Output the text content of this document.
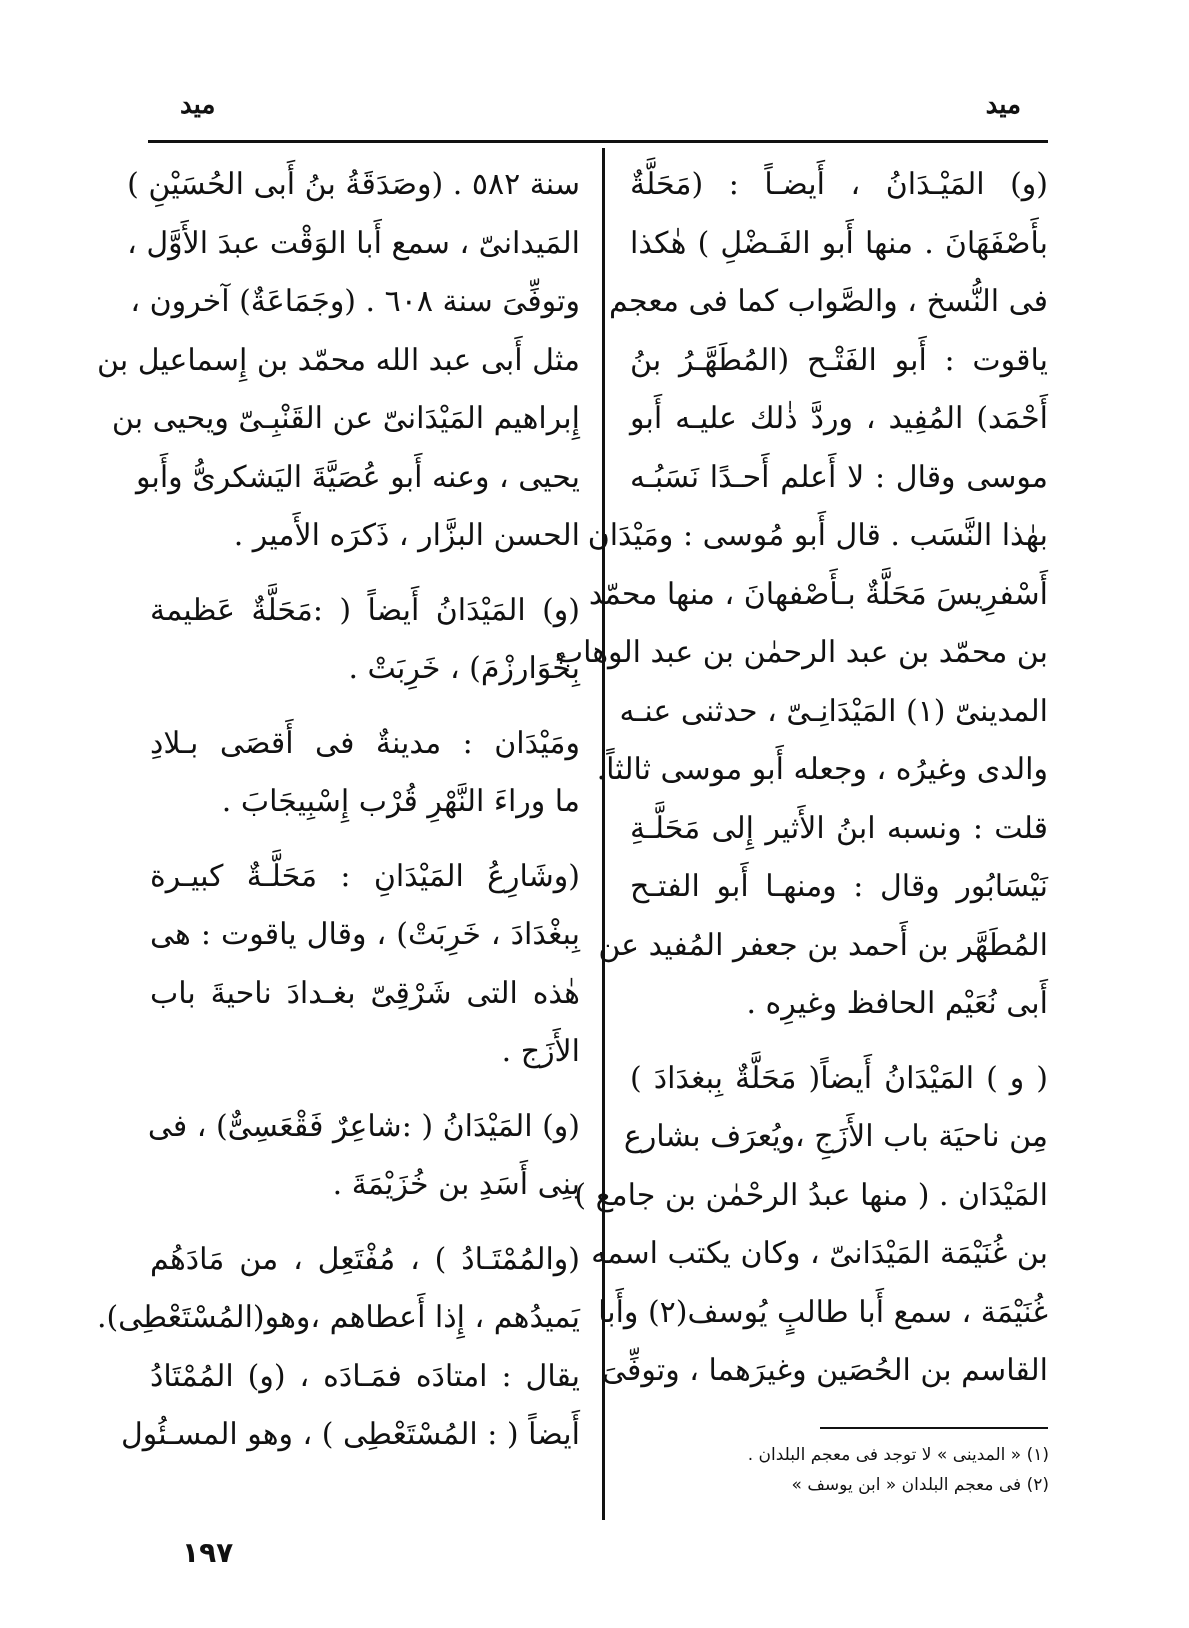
ميد
ميد
(و) المَيْـدَانُ ، أَيضـاً : (مَحَلَّةٌ
بأَصْفَهَانَ . منها أَبو الفَـضْلِ ) هٰكذا
فى النُّسخ ، والصَّواب كما فى معجم
ياقوت : أَبو الفَتْـح (المُطَهَّـرُ بنُ
أَحْمَد) المُفِيد ، وردَّ ذٰلك عليـه أَبو
موسى وقال : لا أَعلم أَحـدًا نَسَبُـه
بهٰذا النَّسَب . قال أَبو مُوسى : ومَيْدَان
أَسْفرِيسَ مَحَلَّةٌ بـأَصْفهانَ ، منها محمّد
بن محمّد بن عبد الرحمٰن بن عبد الوهاب
المدينىّ (١) المَيْدَانِـىّ ، حدثنى عنـه
والدى وغيرُه ، وجعله أَبو موسى ثالثاً.
قلت : ونسبه ابنُ الأَثير إِلى مَحَلَّـةِ
نَيْسَابُور وقال : ومنهـا أَبو الفتـح
المُطَهَّر بن أَحمد بن جعفر المُفيد عن
أَبى نُعَيْم الحافظ وغيرِه .
( و ) المَيْدَانُ أَيضاً( مَحَلَّةٌ بِبغدَادَ )
مِن ناحيَة باب الأَزَجِ ،ويُعرَف بشارع
المَيْدَان . ( منها عبدُ الرحْمٰن بن جامع )
بن غُنَيْمَة المَيْدَانىّ ، وكان يكتب اسمه
غُنَيْمَة ، سمع أَبا طالبٍ يُوسف(٢) وأَبا
القاسم بن الحُصَين وغيرَهما ، وتوفِّىَ
سنة ٥٨٢ . (وصَدَقَةُ بنُ أَبى الحُسَيْنِ )
المَيدانىّ ، سمع أَبا الوَقْت عبدَ الأَوَّل ،
وتوفِّىَ سنة ٦٠٨ . (وجَمَاعَةٌ) آخرون ،
مثل أَبى عبد الله محمّد بن إِسماعيل بن
إِبراهيم المَيْدَانىّ عن القَنْبِـىّ ويحيى بن
يحيى ، وعنه أَبو عُصَيَّةَ اليَشكرىُّ وأَبو
الحسن البزَّار ، ذَكرَه الأَمير .
(و) المَيْدَانُ أَيضاً ( :مَحَلَّةٌ عَظيمة
بِخُوَارزْمَ) ، خَرِبَتْ .
ومَيْدَان : مدينةٌ فى أَقصَى بـلادِ
ما وراءَ النَّهْرِ قُرْب إِسْبِيجَابَ .
(وشَارِعُ المَيْدَانِ : مَحَلَّـةٌ كبيـرة
بِبغْدَادَ ، خَرِبَتْ) ، وقال ياقوت : هى
هٰذه التى شَرْقِىّ بغـدادَ ناحيةَ باب
الأَزَج .
(و) المَيْدَانُ ( :شاعِرٌ فَقْعَسِىٌّ) ، فى
بنِى أَسَدِ بن خُزَيْمَةَ .
(والمُمْتَـادُ ) ، مُفْتَعِل ، من مَادَهُم
يَميدُهم ، إِذا أَعطاهم ،وهو(المُسْتَعْطِى).
يقال : امتادَه فمَـادَه ، (و) المُمْتَادُ
أَيضاً ( : المُسْتَعْطِى ) ، وهو المسـئُول
(١) « المدينى » لا توجد فى معجم البلدان .
(٢) فى معجم البلدان « ابن يوسف »
١٩٧
